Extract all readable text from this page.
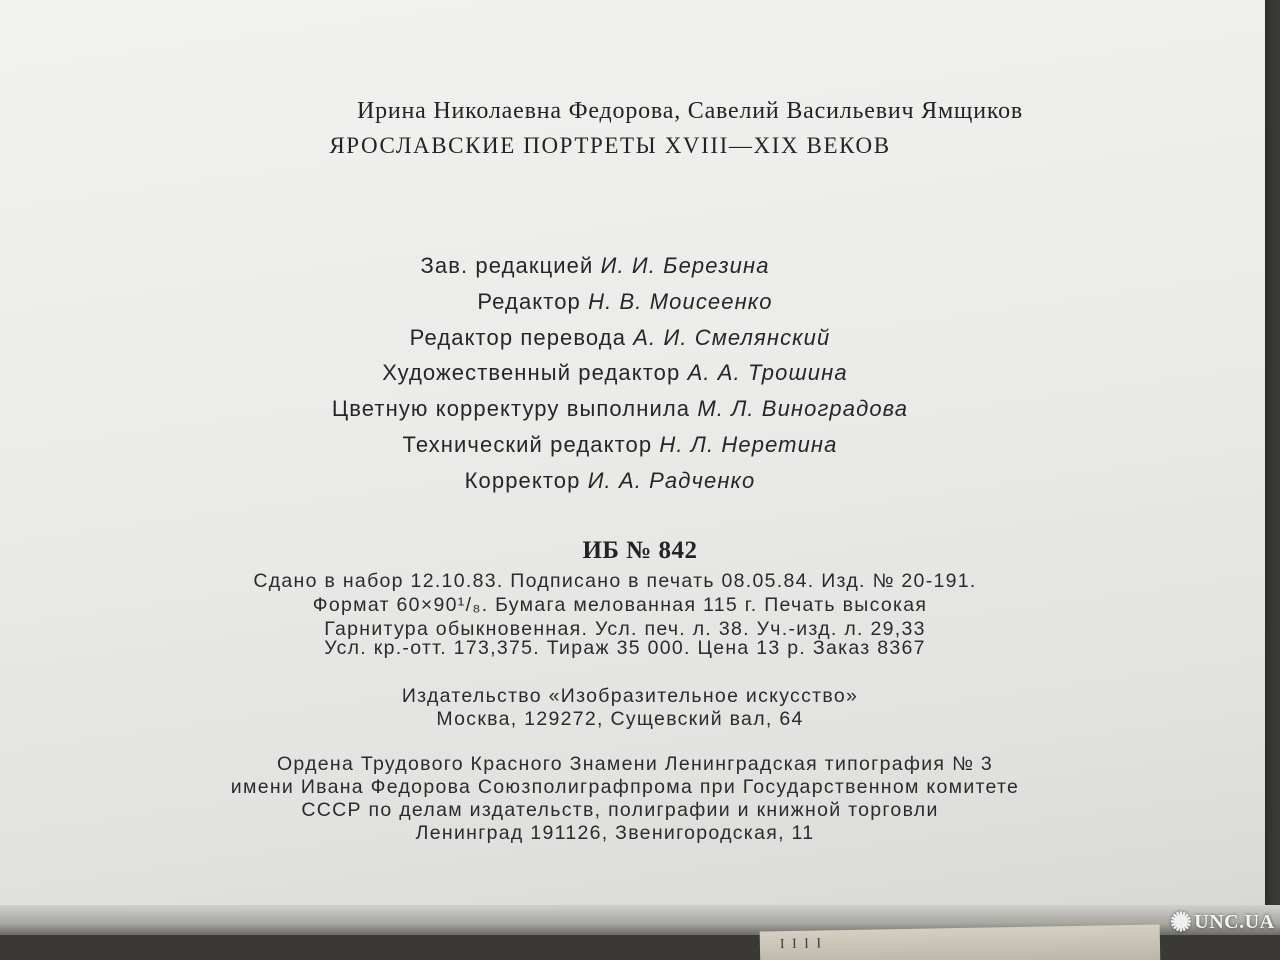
I I I I
Ирина Николаевна Федорова, Савелий Васильевич Ямщиков
ЯРОСЛАВСКИЕ ПОРТРЕТЫ XVIII—XIX ВЕКОВ
Зав. редакцией И. И. Березина
Редактор Н. В. Моисеенко
Редактор перевода А. И. Смелянский
Художественный редактор А. А. Трошина
Цветную корректуру выполнила М. Л. Виноградова
Технический редактор Н. Л. Неретина
Корректор И. А. Радченко
ИБ № 842
Сдано в набор 12.10.83. Подписано в печать 08.05.84. Изд. № 20-191.
Формат 60×90¹/₈. Бумага мелованная 115 г. Печать высокая
Гарнитура обыкновенная. Усл. печ. л. 38. Уч.-изд. л. 29,33
Усл. кр.-отт. 173,375. Тираж 35 000. Цена 13 р. Заказ 8367
Издательство «Изобразительное искусство»
Москва, 129272, Сущевский вал, 64
Ордена Трудового Красного Знамени Ленинградская типография № 3
имени Ивана Федорова Союзполиграфпрома при Государственном комитете
СССР по делам издательств, полиграфии и книжной торговли
Ленинград 191126, Звенигородская, 11
✺ UNC.UA
